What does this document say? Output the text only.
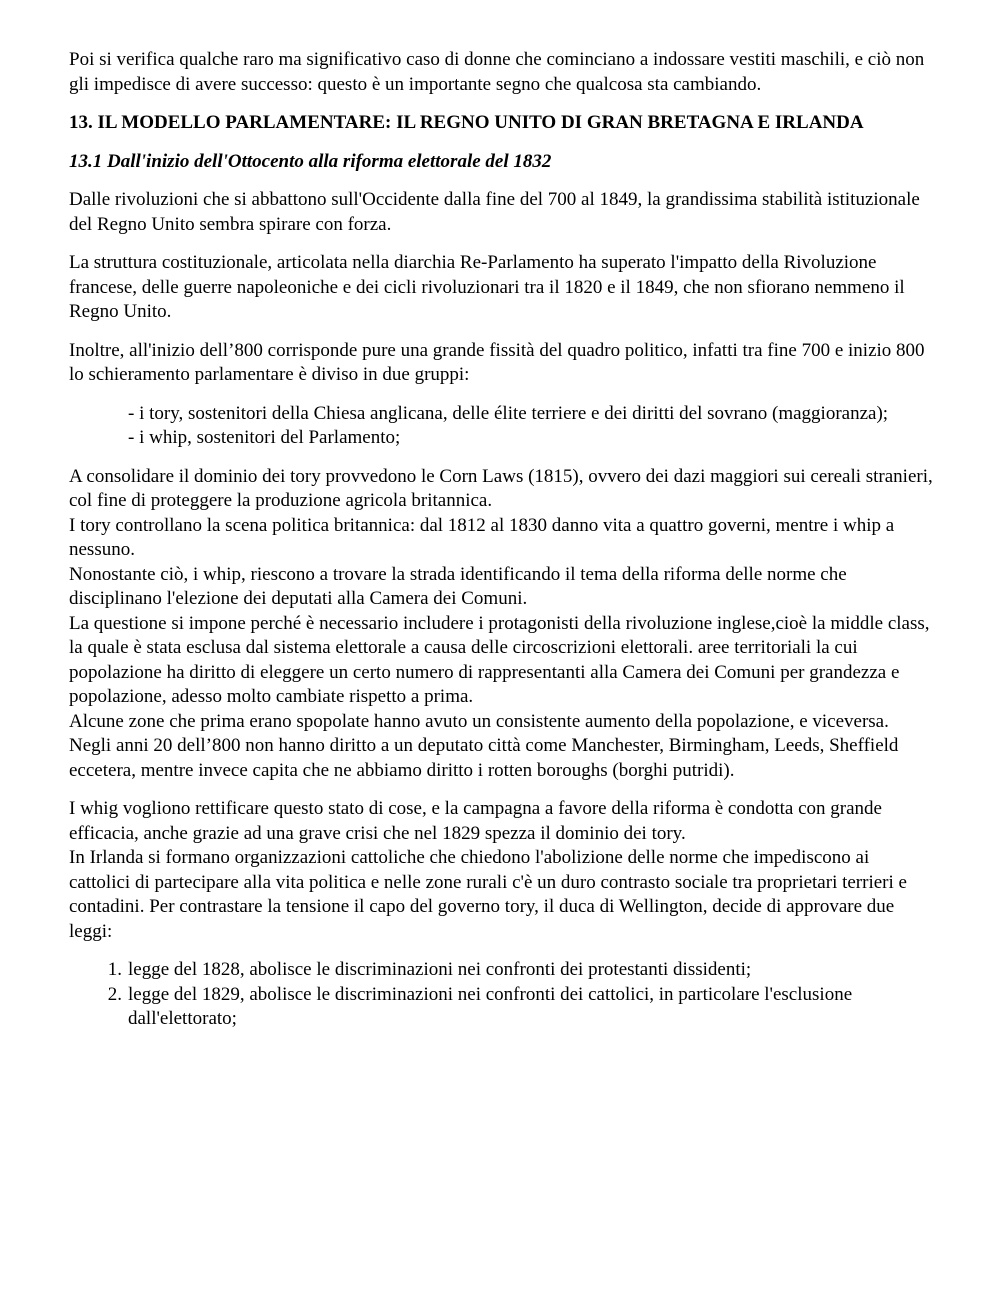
Poi si verifica qualche raro ma significativo caso di donne che cominciano a indossare vestiti maschili, e ciò non gli impedisce di avere successo: questo è un importante segno che qualcosa sta cambiando.

13. IL MODELLO PARLAMENTARE: IL REGNO UNITO DI GRAN BRETAGNA E IRLANDA
13.1 Dall'inizio dell'Ottocento alla riforma elettorale del 1832

Dalle rivoluzioni che si abbattono sull'Occidente dalla fine del 700 al 1849, la grandissima stabilità istituzionale del Regno Unito sembra spirare con forza.

La struttura costituzionale, articolata nella diarchia Re-Parlamento ha superato l'impatto della Rivoluzione francese, delle guerre napoleoniche e dei cicli rivoluzionari tra il 1820 e il 1849, che non sfiorano nemmeno il Regno Unito.

Inoltre, all'inizio dell’800 corrisponde pure una grande fissità del quadro politico, infatti tra fine 700 e inizio 800 lo schieramento parlamentare è diviso in due gruppi:

- i tory, sostenitori della Chiesa anglicana, delle élite terriere e dei diritti del sovrano (maggioranza);
- i whip, sostenitori del Parlamento;

A consolidare il dominio dei tory provvedono le Corn Laws (1815), ovvero dei dazi maggiori sui cereali stranieri, col fine di proteggere la produzione agricola britannica.

I tory controllano la scena politica britannica: dal 1812 al 1830 danno vita a quattro governi, mentre i whip a nessuno.

Nonostante ciò, i whip, riescono a trovare la strada identificando il tema della riforma delle norme che disciplinano l'elezione dei deputati alla Camera dei Comuni.

La questione si impone perché è necessario includere i protagonisti della rivoluzione inglese,cioè la middle class, la quale è stata esclusa dal sistema elettorale a causa delle circoscrizioni elettorali. aree territoriali la cui popolazione ha diritto di eleggere un certo numero di rappresentanti alla Camera dei Comuni per grandezza e popolazione, adesso molto cambiate rispetto a prima.

Alcune zone che prima erano spopolate hanno avuto un consistente aumento della popolazione, e viceversa. Negli anni 20 dell’800 non hanno diritto a un deputato città come Manchester, Birmingham, Leeds, Sheffield eccetera, mentre invece capita che ne abbiamo diritto i rotten boroughs (borghi putridi).

I whig vogliono rettificare questo stato di cose, e la campagna a favore della riforma è condotta con grande efficacia, anche grazie ad una grave crisi che nel 1829 spezza il dominio dei tory.

In Irlanda si formano organizzazioni cattoliche che chiedono l'abolizione delle norme che impediscono ai cattolici di partecipare alla vita politica e nelle zone rurali c'è un duro contrasto sociale tra proprietari terrieri e contadini. Per contrastare la tensione il capo del governo tory, il duca di Wellington, decide di approvare due leggi:

1. legge del 1828, abolisce le discriminazioni nei confronti dei protestanti dissidenti;
2. legge del 1829, abolisce le discriminazioni nei confronti dei cattolici, in particolare l'esclusione dall'elettorato;
